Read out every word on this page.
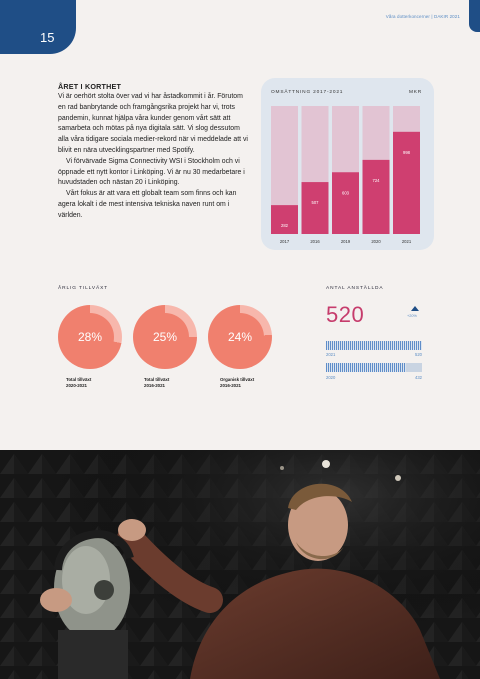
15
Våra dotterkoncerner | DAKIR 2021
ÅRET I KORTHET

Vi är oerhört stolta över vad vi har åstadkommit i år. Förutom en rad banbrytande och framgångsrika projekt har vi, trots pandemin, kunnat hjälpa våra kunder genom vårt sätt att samarbeta och mötas på nya digitala sätt. Vi slog dessutom alla våra tidigare sociala medier-rekord när vi meddelade att vi blivit en nära utvecklingspartner med Spotify.

Vi förvärvade Sigma Connectivity WSI i Stockholm och vi öppnade ett nytt kontor i Linköping. Vi är nu 30 medarbetare i huvudstaden och nästan 20 i Linköping.

Vårt fokus är att vara ett globalt team som finns och kan agera lokalt i de mest intensiva tekniska naven runt om i världen.

282
2017
507
2016
603
2019
724
2020
998
2021
OMSÄTTNING 2017-2021	MKR
ÅRLIG TILLVÄXT
28%	25%	24%
Total tillväxt
2020-2021
Total tillväxt
2016-2021
Organisk tillväxt
2016-2021
ANTAL ANSTÄLLDA
520	+20%
2021	520
2020	432
